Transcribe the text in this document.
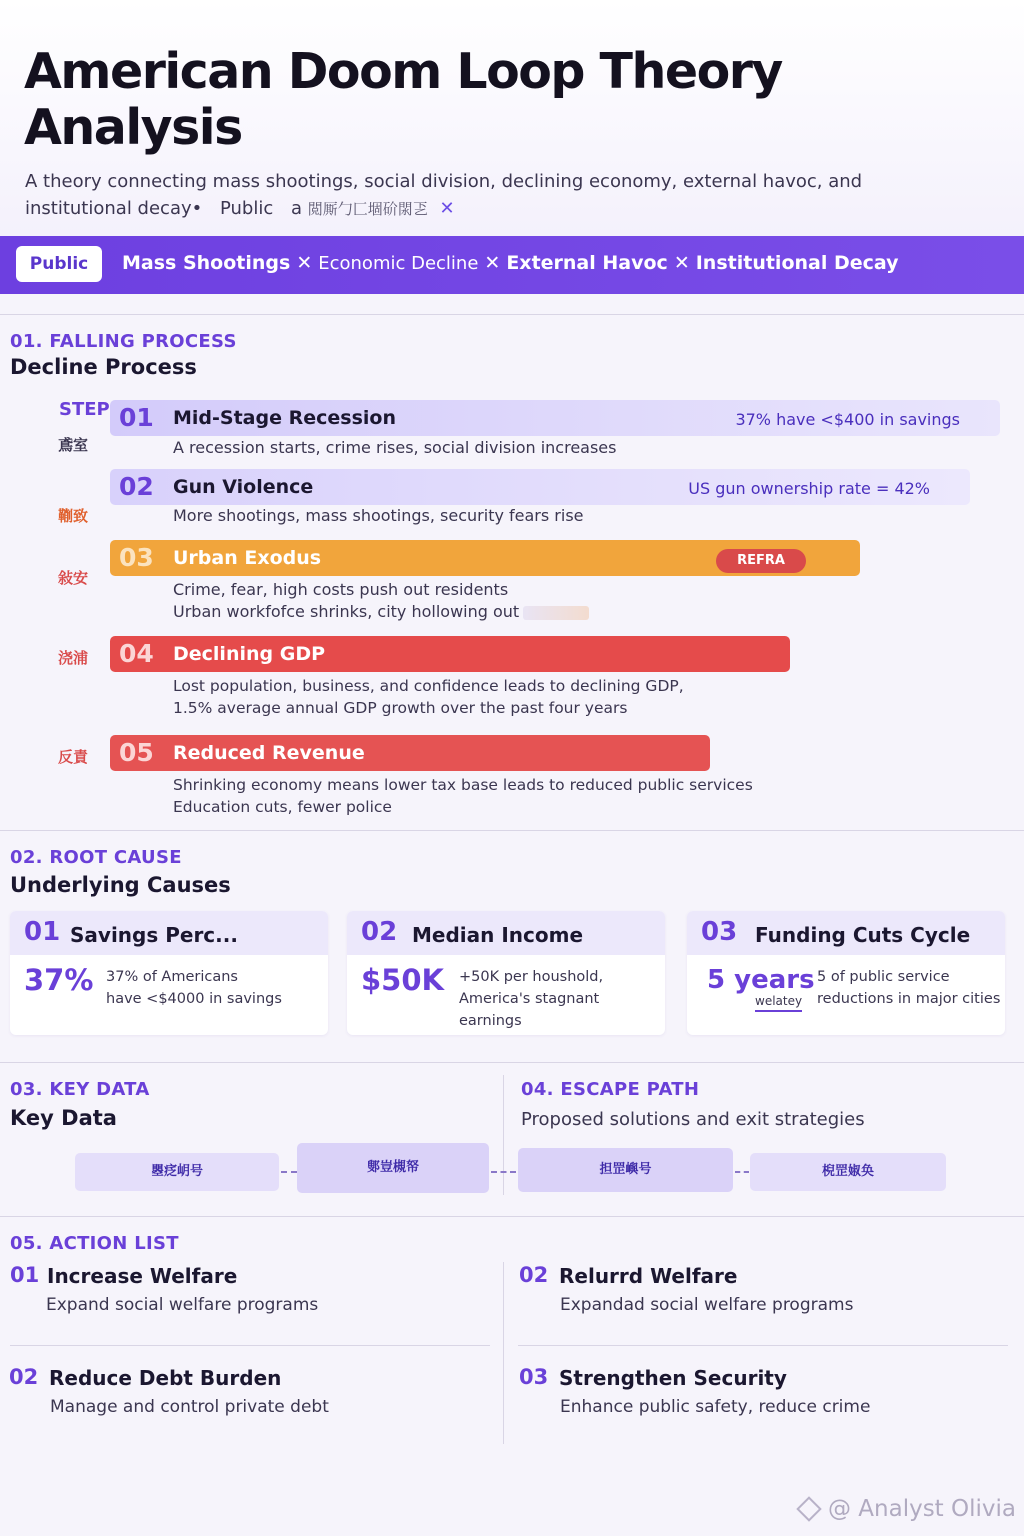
American Doom Loop Theory Analysis
A theory connecting mass shootings, social division, declining economy, external havoc, and institutional decay• Public a 閲厮勹匚堌砎閖乤 ✕
Public	Mass Shootings ✕ Economic Decline ✕ External Havoc ✕ Institutional Decay
01. FALLING PROCESS
Decline Process
STEP
鳶室
01 Mid-Stage Recession	37% have <$400 in savings
A recession starts, crime rises, social division increases
鞩致
02 Gun Violence	US gun ownership rate = 42%
More shootings, mass shootings, security fears rise
敍安
03 Urban Exodus	REFRA
Crime, fear, high costs push out residents
Urban workfofce shrinks, city hollowing out
浇浦 04 Declining GDP
Lost population, business, and confidence leads to declining GDP,
1.5% average annual GDP growth over the past four years
反責 05 Reduced Revenue
Shrinking economy means lower tax base leads to reduced public services
Education cuts, fewer police
02. ROOT CAUSE
Underlying Causes
01 Savings Perc...
37% 37% of Americans
have <$4000 in savings
02 Median Income
$50K +50K per houshold,
America's stagnant earnings
03 Funding Cuts Cycle
5 years
welatey
5 of public service
reductions in major cities
03. KEY DATA
Key Data
04. ESCAPE PATH
Proposed solutions and exit strategies
瞾疺岄号	鄋豈槻帑	担罡嶼号	棿罡婌奂
05. ACTION LIST
01 Increase Welfare
Expand social welfare programs
02 Relurrd Welfare
Expandad social welfare programs
02 Reduce Debt Burden
Manage and control private debt
03 Strengthen Security
Enhance public safety, reduce crime
@ Analyst Olivia
